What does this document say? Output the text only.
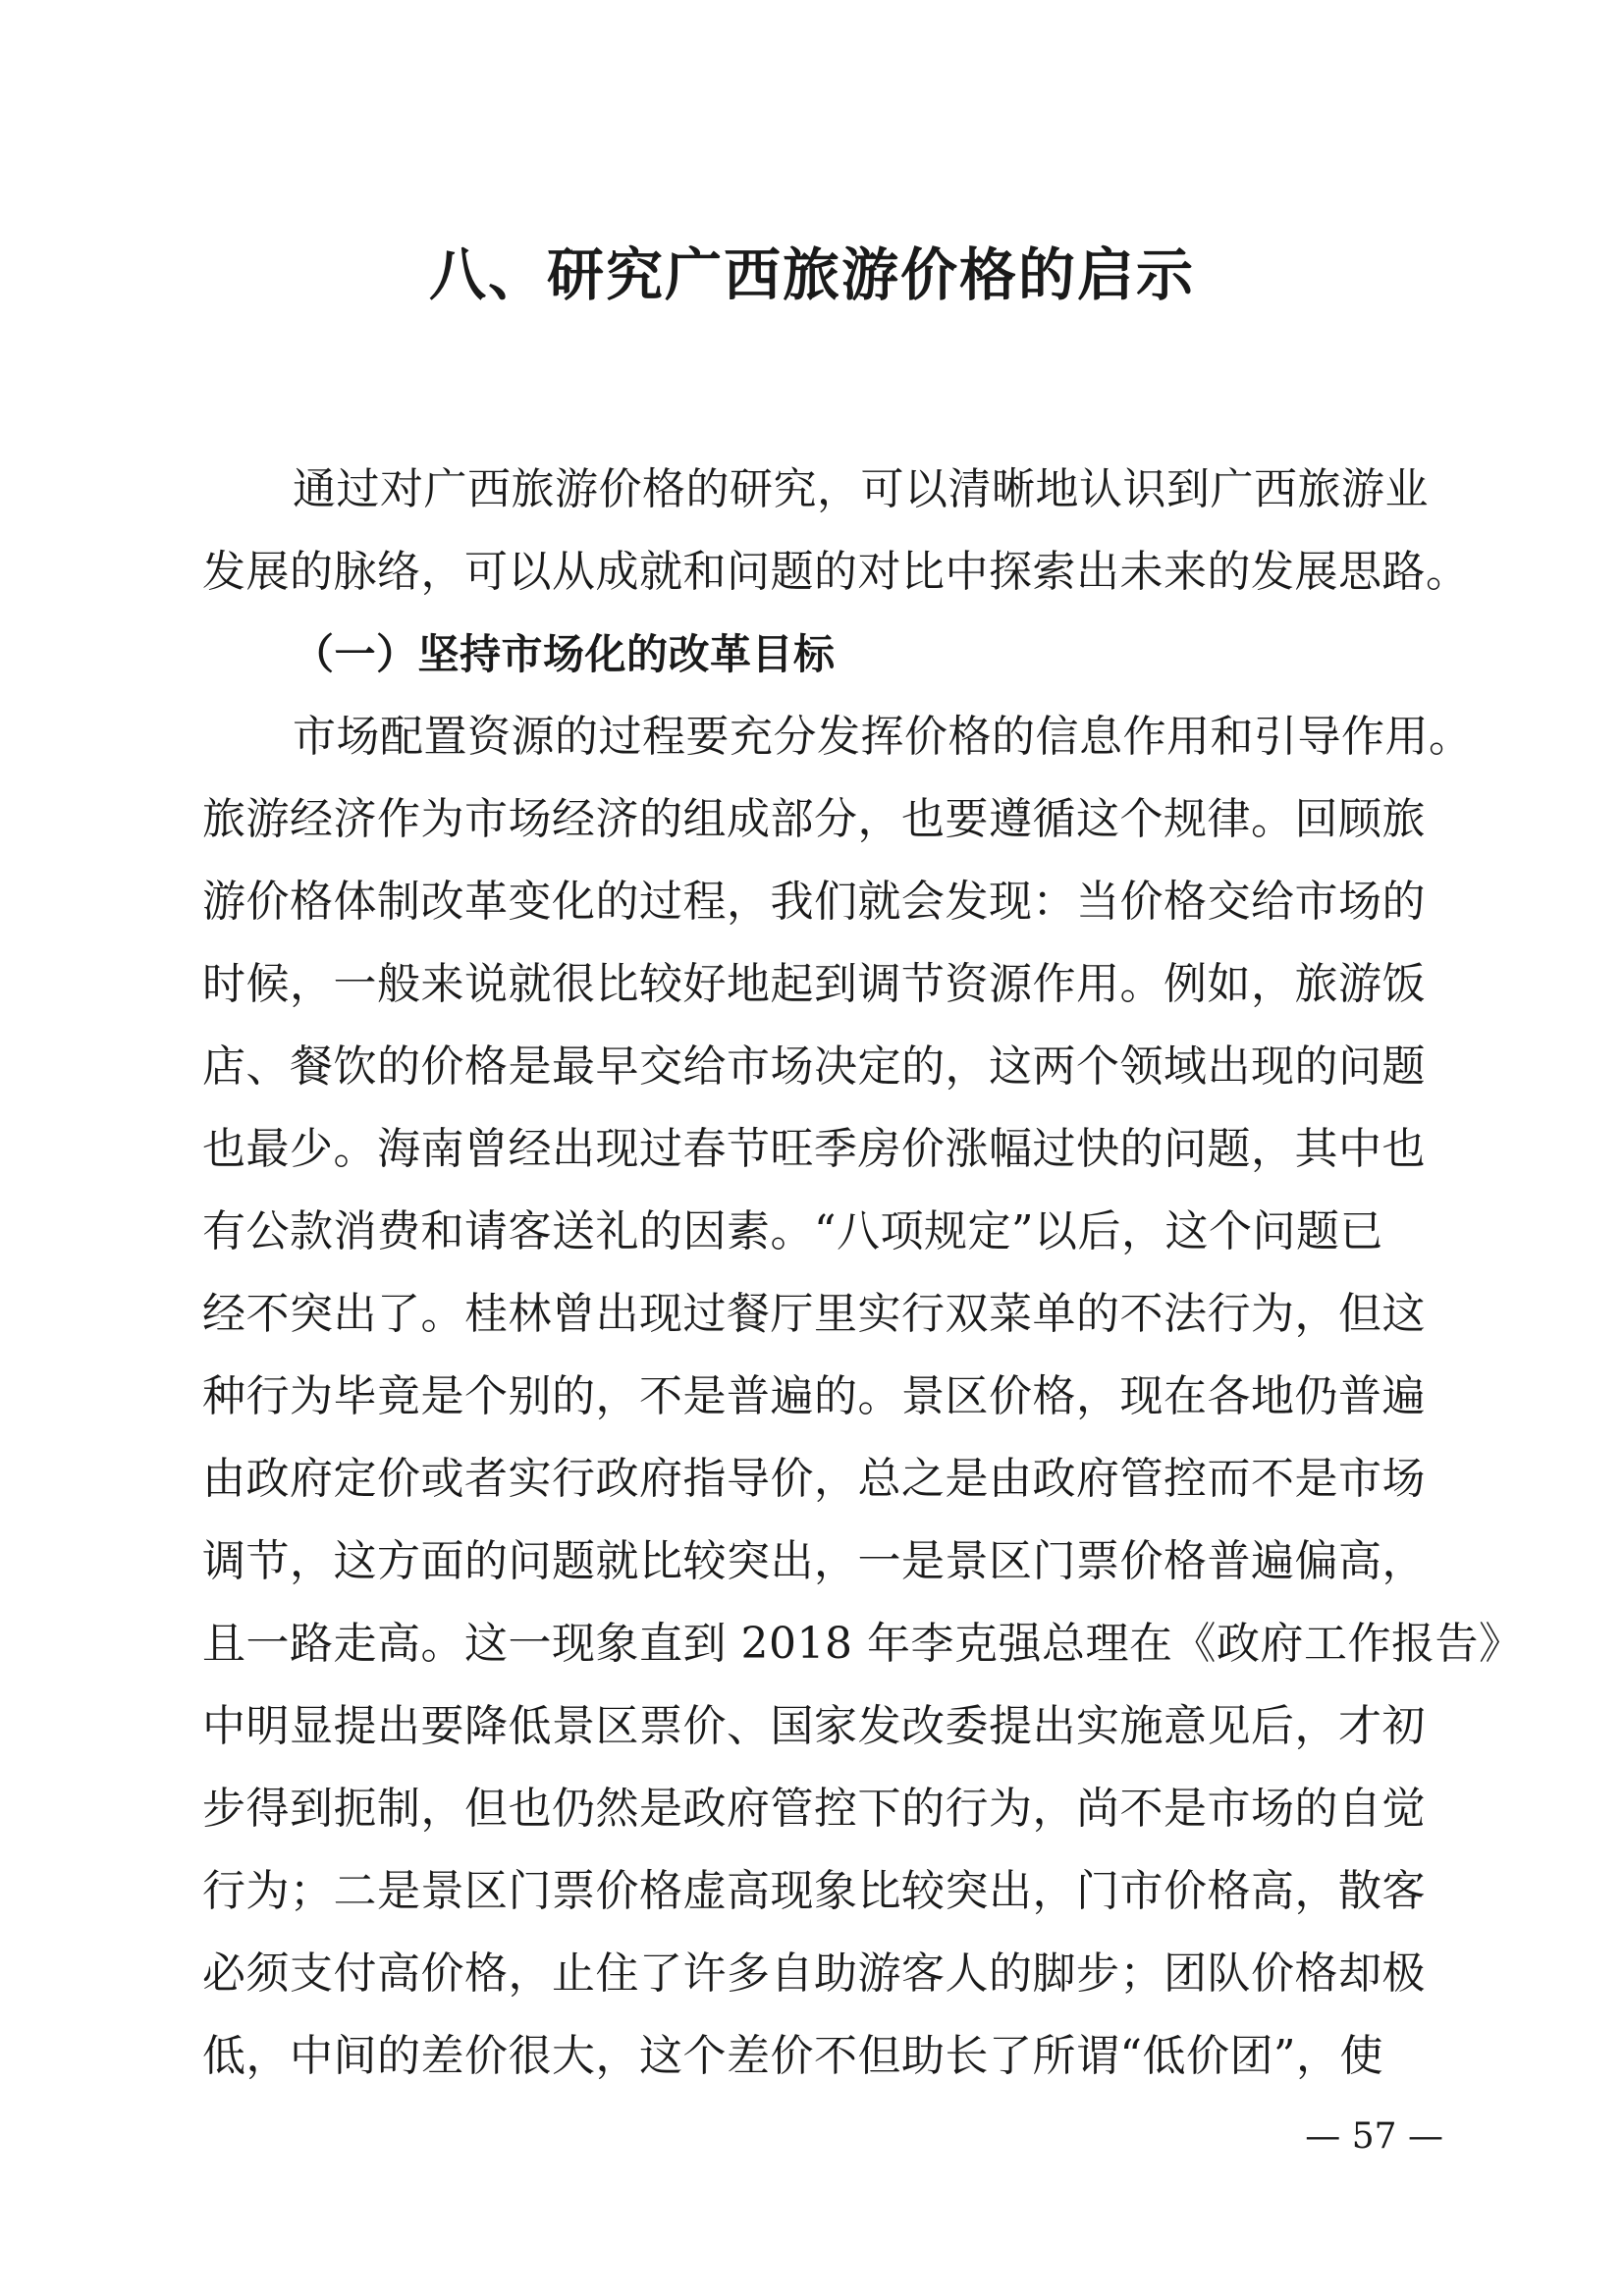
八、研究广西旅游价格的启示
通过对广西旅游价格的研究，可以清晰地认识到广西旅游业
发展的脉络，可以从成就和问题的对比中探索出未来的发展思路。
（一）坚持市场化的改革目标
市场配置资源的过程要充分发挥价格的信息作用和引导作用。
旅游经济作为市场经济的组成部分，也要遵循这个规律。回顾旅
游价格体制改革变化的过程，我们就会发现：当价格交给市场的
时候，一般来说就很比较好地起到调节资源作用。例如，旅游饭
店、餐饮的价格是最早交给市场决定的，这两个领域出现的问题
也最少。海南曾经出现过春节旺季房价涨幅过快的问题，其中也
有公款消费和请客送礼的因素。“八项规定”以后，这个问题已
经不突出了。桂林曾出现过餐厅里实行双菜单的不法行为，但这
种行为毕竟是个别的，不是普遍的。景区价格，现在各地仍普遍
由政府定价或者实行政府指导价，总之是由政府管控而不是市场
调节，这方面的问题就比较突出，一是景区门票价格普遍偏高，
且一路走高。这一现象直到 2018 年李克强总理在《政府工作报告》
中明显提出要降低景区票价、国家发改委提出实施意见后，才初
步得到扼制，但也仍然是政府管控下的行为，尚不是市场的自觉
行为；二是景区门票价格虚高现象比较突出，门市价格高，散客
必须支付高价格，止住了许多自助游客人的脚步；团队价格却极
低，中间的差价很大，这个差价不但助长了所谓“低价团”，使
— 57 —
